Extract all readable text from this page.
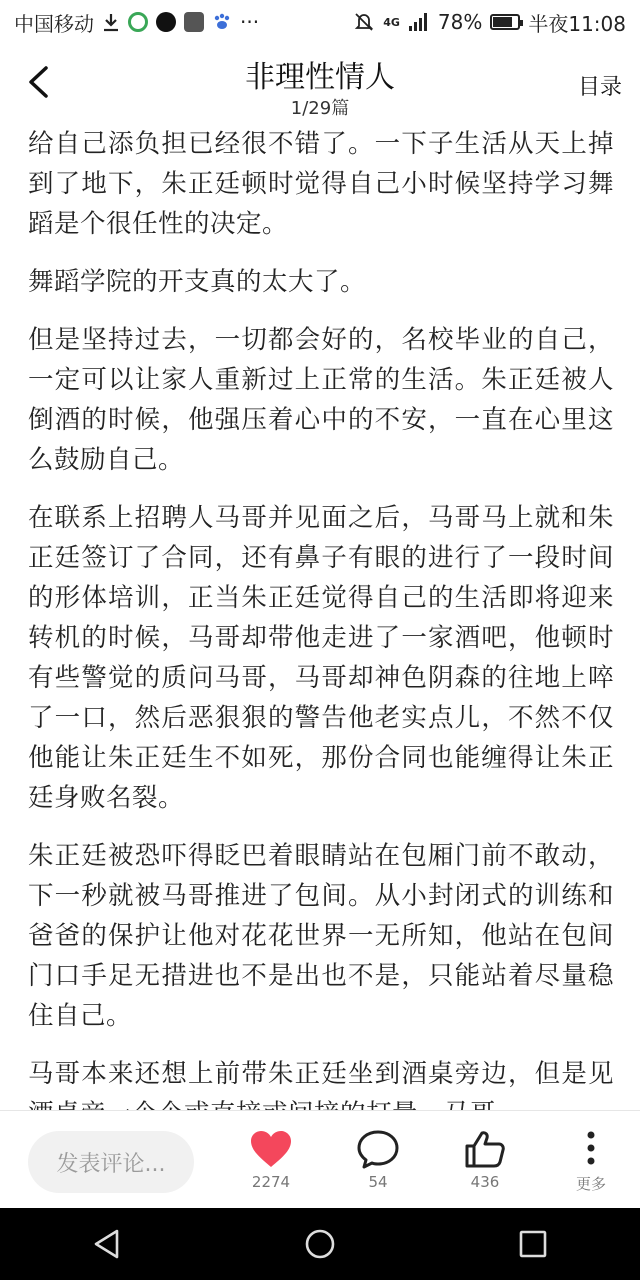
中国移动	···	4G 78% 半夜11:08
非理性情人
1/29篇
目录

给自己添负担已经很不错了。一下子生活从天上掉到了地下，朱正廷顿时觉得自己小时候坚持学习舞蹈是个很任性的决定。

舞蹈学院的开支真的太大了。

但是坚持过去，一切都会好的，名校毕业的自己，一定可以让家人重新过上正常的生活。朱正廷被人倒酒的时候，他强压着心中的不安，一直在心里这么鼓励自己。

在联系上招聘人马哥并见面之后，马哥马上就和朱正廷签订了合同，还有鼻子有眼的进行了一段时间的形体培训，正当朱正廷觉得自己的生活即将迎来转机的时候，马哥却带他走进了一家酒吧，他顿时有些警觉的质问马哥，马哥却神色阴森的往地上啐了一口，然后恶狠狠的警告他老实点儿，不然不仅他能让朱正廷生不如死，那份合同也能缠得让朱正廷身败名裂。

朱正廷被恐吓得眨巴着眼睛站在包厢门前不敢动，下一秒就被马哥推进了包间。从小封闭式的训练和爸爸的保护让他对花花世界一无所知，他站在包间门口手足无措进也不是出也不是，只能站着尽量稳住自己。

马哥本来还想上前带朱正廷坐到酒桌旁边，但是见

发表评论...
2274	54	436	更多
